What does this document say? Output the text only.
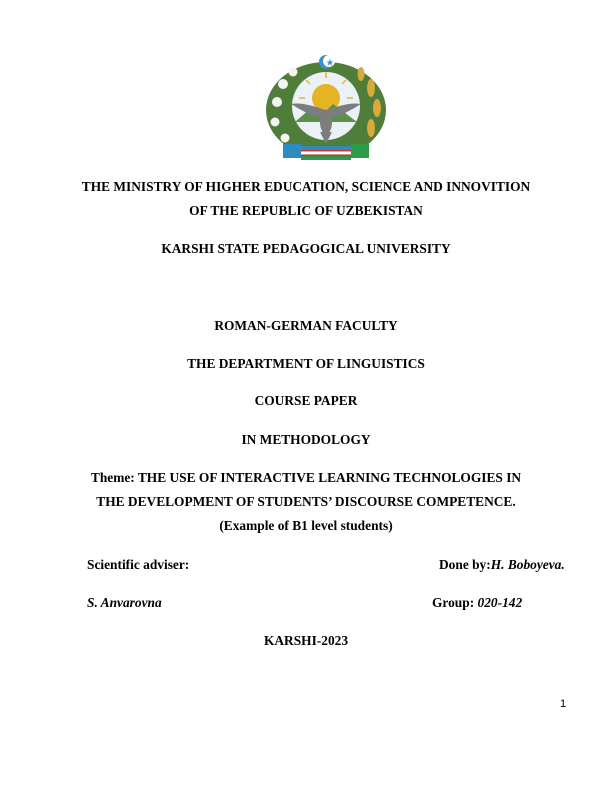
THE MINISTRY OF HIGHER EDUCATION, SCIENCE AND INNOVITION
OF THE REPUBLIC OF UZBEKISTAN
KARSHI STATE PEDAGOGICAL UNIVERSITY
ROMAN-GERMAN FACULTY
THE DEPARTMENT OF LINGUISTICS
COURSE PAPER
IN METHODOLOGY
Theme: THE USE OF INTERACTIVE LEARNING TECHNOLOGIES IN
THE DEVELOPMENT OF STUDENTS’ DISCOURSE COMPETENCE.
(Example of B1 level students)
Scientific adviser:	Done by:H. Boboyeva.
S. Anvarovna	Group: 020-142
KARSHI-2023
1
